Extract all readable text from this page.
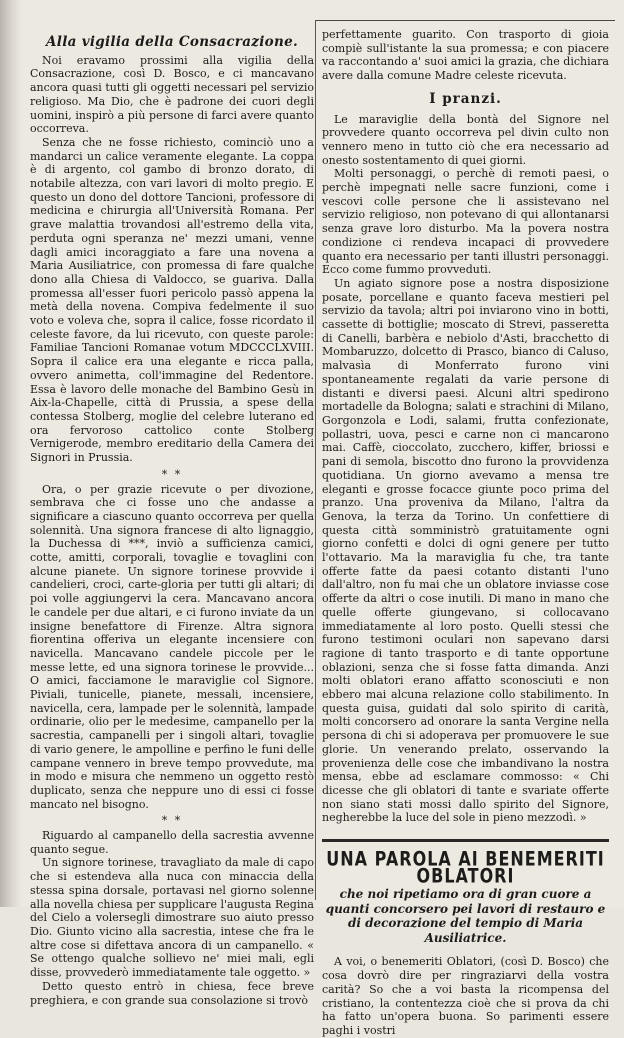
Alla vigilia della Consacrazione.

Noi eravamo prossimi alla vigilia della Consacrazione, così D. Bosco, e ci mancavano ancora quasi tutti gli oggetti necessari pel servizio religioso. Ma Dio, che è padrone dei cuori degli uomini, inspirò a più persone di farci avere quanto occorreva.

Senza che ne fosse richiesto, cominciò uno a mandarci un calice veramente elegante. La coppa è di argento, col gambo di bronzo dorato, di notabile altezza, con vari lavori di molto pregio. E questo un dono del dottore Tancioni, professore di medicina e chirurgia all'Università Romana. Per grave malattia trovandosi all'estremo della vita, perduta ogni speranza ne' mezzi umani, venne dagli amici incoraggiato a fare una novena a Maria Ausiliatrice, con promessa di fare qualche dono alla Chiesa di Valdocco, se guariva. Dalla promessa all'esser fuori pericolo passò appena la metà della novena. Compiva fedelmente il suo voto e voleva che, sopra il calice, fosse ricordato il celeste favore, da lui ricevuto, con queste parole: Familiae Tancioni Romanae votum MDCCCLXVIII. Sopra il calice era una elegante e ricca palla, ovvero animetta, coll'immagine del Redentore. Essa è lavoro delle monache del Bambino Gesù in Aix-la-Chapelle, città di Prussia, a spese della contessa Stolberg, moglie del celebre luterano ed ora fervoroso cattolico conte Stolberg Vernigerode, membro ereditario della Camera dei Signori in Prussia.

* *

Ora, o per grazie ricevute o per divozione, sembrava che ci fosse uno che andasse a significare a ciascuno quanto occorreva per quella solennità. Una signora francese di alto lignaggio, la Duchessa di ***, inviò a sufficienza camici, cotte, amitti, corporali, tovaglie e tovaglini con alcune pianete. Un signore torinese provvide i candelieri, croci, carte-gloria per tutti gli altari; di poi volle aggiungervi la cera. Mancavano ancora le candele per due altari, e ci furono inviate da un insigne benefattore di Firenze. Altra signora fiorentina offeriva un elegante incensiere con navicella. Mancavano candele piccole per le messe lette, ed una signora torinese le provvide... O amici, facciamone le maraviglie col Signore. Piviali, tunicelle, pianete, messali, incensiere, navicella, cera, lampade per le solennità, lampade ordinarie, olio per le medesime, campanello per la sacrestia, campanelli per i singoli altari, tovaglie di vario genere, le ampolline e perfino le funi delle campane vennero in breve tempo provvedute, ma in modo e misura che nemmeno un oggetto restò duplicato, senza che neppure uno di essi ci fosse mancato nel bisogno.

* *

Riguardo al campanello della sacrestia avvenne quanto segue.

Un signore torinese, travagliato da male di capo che si estendeva alla nuca con minaccia della stessa spina dorsale, portavasi nel giorno solenne alla novella chiesa per supplicare l'augusta Regina del Cielo a volersegli dimostrare suo aiuto presso Dio. Giunto vicino alla sacrestia, intese che fra le altre cose si difettava ancora di un campanello. « Se ottengo qualche sollievo ne' miei mali, egli disse, provvederò immediatamente tale oggetto. »

Detto questo entrò in chiesa, fece breve preghiera, e con grande sua consolazione si trovò

perfettamente guarito. Con trasporto di gioia compiè sull'istante la sua promessa; e con piacere va raccontando a' suoi amici la grazia, che dichiara avere dalla comune Madre celeste ricevuta.

I pranzi.

Le maraviglie della bontà del Signore nel provvedere quanto occorreva pel divin culto non vennero meno in tutto ciò che era necessario ad onesto sostentamento di quei giorni.

Molti personaggi, o perchè di remoti paesi, o perchè impegnati nelle sacre funzioni, come i vescovi colle persone che li assistevano nel servizio religioso, non potevano di qui allontanarsi senza grave loro disturbo. Ma la povera nostra condizione ci rendeva incapaci di provvedere quanto era necessario per tanti illustri personaggi. Ecco come fummo provveduti.

Un agiato signore pose a nostra disposizione posate, porcellane e quanto faceva mestieri pel servizio da tavola; altri poi inviarono vino in botti, cassette di bottiglie; moscato di Strevi, passeretta di Canelli, barbèra e nebiolo d'Asti, bracchetto di Mombaruzzo, dolcetto di Prasco, bianco di Caluso, malvasìa di Monferrato furono vini spontaneamente regalati da varie persone di distanti e diversi paesi. Alcuni altri spedirono mortadelle da Bologna; salati e strachini di Milano, Gorgonzola e Lodi, salami, frutta confezionate, pollastri, uova, pesci e carne non ci mancarono mai. Caffè, cioccolato, zucchero, kiffer, briossi e pani di semola, biscotto dno furono la provvidenza quotidiana. Un giorno avevamo a mensa tre eleganti e grosse focacce giunte poco prima del pranzo. Una proveniva da Milano, l'altra da Genova, la terza da Torino. Un confettiere di questa città somministrò gratuitamente ogni giorno confetti e dolci di ogni genere per tutto l'ottavario. Ma la maraviglia fu che, tra tante offerte fatte da paesi cotanto distanti l'uno dall'altro, non fu mai che un oblatore inviasse cose offerte da altri o cose inutili. Di mano in mano che quelle offerte giungevano, si collocavano immediatamente al loro posto. Quelli stessi che furono testimoni oculari non sapevano darsi ragione di tanto trasporto e di tante opportune oblazioni, senza che si fosse fatta dimanda. Anzi molti oblatori erano affatto sconosciuti e non ebbero mai alcuna relazione collo stabilimento. In questa guisa, guidati dal solo spirito di carità, molti concorsero ad onorare la santa Vergine nella persona di chi si adoperava per promuovere le sue glorie. Un venerando prelato, osservando la provenienza delle cose che imbandivano la nostra mensa, ebbe ad esclamare commosso: « Chi dicesse che gli oblatori di tante e svariate offerte non siano stati mossi dallo spirito del Signore, negherebbe la luce del sole in pieno mezzodì. »

UNA PAROLA AI BENEMERITI OBLATORI
che noi ripetiamo ora di gran cuore a quanti concorsero pei lavori di restauro e di decorazione del tempio di Maria Ausiliatrice.

A voi, o benemeriti Oblatori, (così D. Bosco) che cosa dovrò dire per ringraziarvi della vostra carità? So che a voi basta la ricompensa del cristiano, la contentezza cioè che si prova da chi ha fatto un'opera buona. So parimenti essere paghi i vostri
